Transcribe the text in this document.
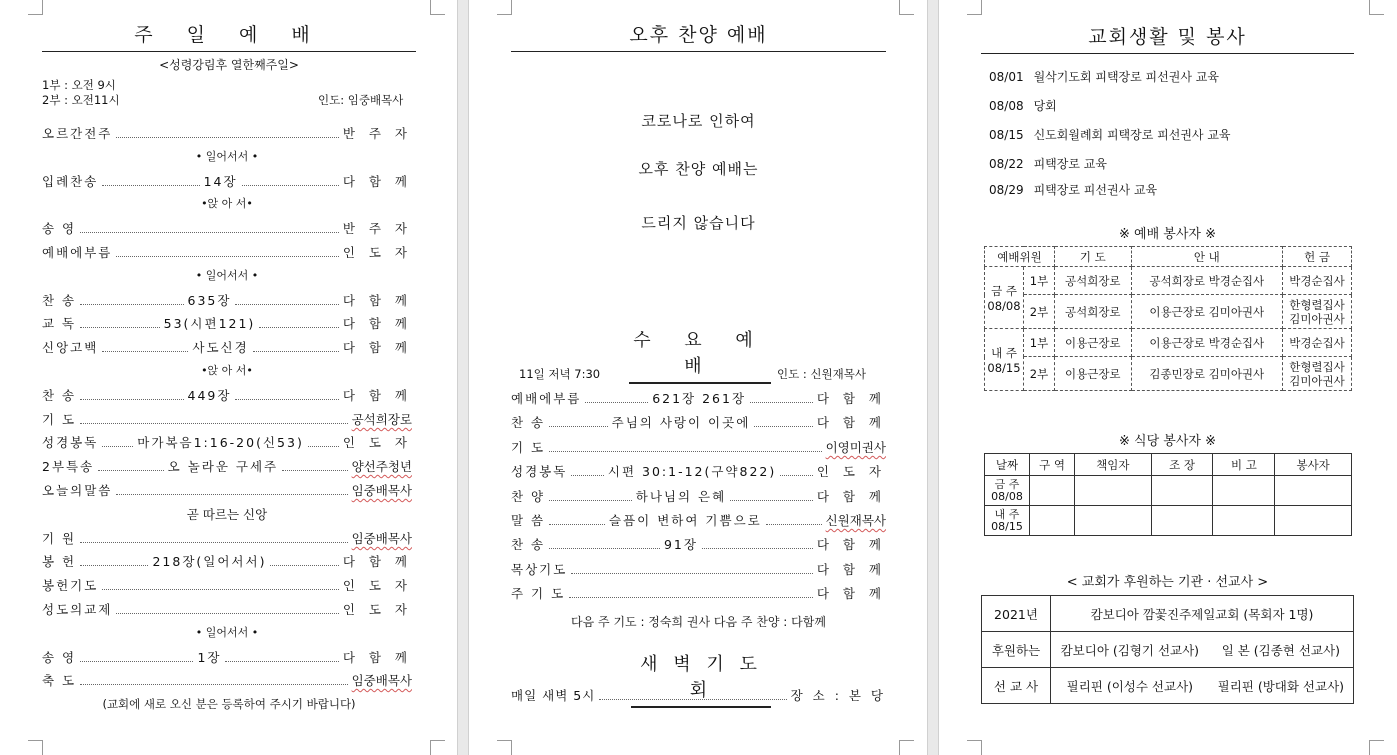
주 일 예 배
<성령강림후 열한째주일>
1부 : 오전 9시
2부 : 오전11시	인도: 임중배목사
오르간전주	반 주 자
• 일어서서 •
입례찬송	14장	다 함 께
•앉 아 서•
송 영	반 주 자
예배에부름	인 도 자
• 일어서서 •
찬 송	635장	다 함 께
교 독	53(시편121)	다 함 께
신앙고백	사도신경	다 함 께
•앉 아 서•
찬 송	449장	다 함 께
기 도	공석희장로
성경봉독	마가복음1:16-20(신53)	인 도 자
2부특송	오 놀라운 구세주	양선주청년
오늘의말씀	임중배목사
곧 따르는 신앙
기 원	임중배목사
봉 헌	218장(일어서서)	다 함 께
봉헌기도	인 도 자
성도의교제	인 도 자
• 일어서서 •
송 영	1장	다 함 께
축 도	임중배목사
(교회에 새로 오신 분은 등록하여 주시기 바랍니다)
오후 찬양 예배
코로나로 인하여
오후 찬양 예배는
드리지 않습니다
수 요 예 배
11일 저녁 7:30	인도 : 신원재목사
예배에부름	621장 261장	다 함 께
찬 송	주님의 사랑이 이곳에	다 함 께
기 도	이영미권사
성경봉독	시편 30:1-12(구약822)	인 도 자
찬 양	하나님의 은혜	다 함 께
말 씀	슬픔이 변하여 기쁨으로	신원재목사
찬 송	91장	다 함 께
목상기도	다 함 께
주 기 도	다 함 께
다음 주 기도 : 정숙희 권사 다음 주 찬양 : 다함께
새 벽 기 도 회
매일 새벽 5시	장 소 : 본 당
교회생활 및 봉사
08/01 월삭기도회 피택장로 피선권사 교육
08/08 당회
08/15 신도회월례회 피택장로 피선권사 교육
08/22 피택장로 교육
08/29 피택장로 피선권사 교육
※ 예배 봉사자 ※
예배위원		기 도	안 내	헌 금
금 주 08/08	1부	공석희장로	공석희장로 박경순집사	박경순집사
	2부	공석희장로	이용근장로 김미아권사	한형렬집사 김미아권사
내 주 08/15	1부	이용근장로	이용근장로 박경순집사	박경순집사
	2부	이용근장로	김종민장로 김미아권사	한형렬집사 김미아권사
※ 식당 봉사자 ※
날짜	구 역	책임자	조 장	비 고	봉사자
금 주 08/08					
내 주 08/15					
< 교회가 후원하는 기관 · 선교사 >
2021년	캄보디아 깜꽃진주제일교회 (목회자 1명)	
후원하는	캄보디아 (김형기 선교사)	일 본 (김종현 선교사)
선 교 사	필리핀 (이성수 선교사)	필리핀 (방대화 선교사)
